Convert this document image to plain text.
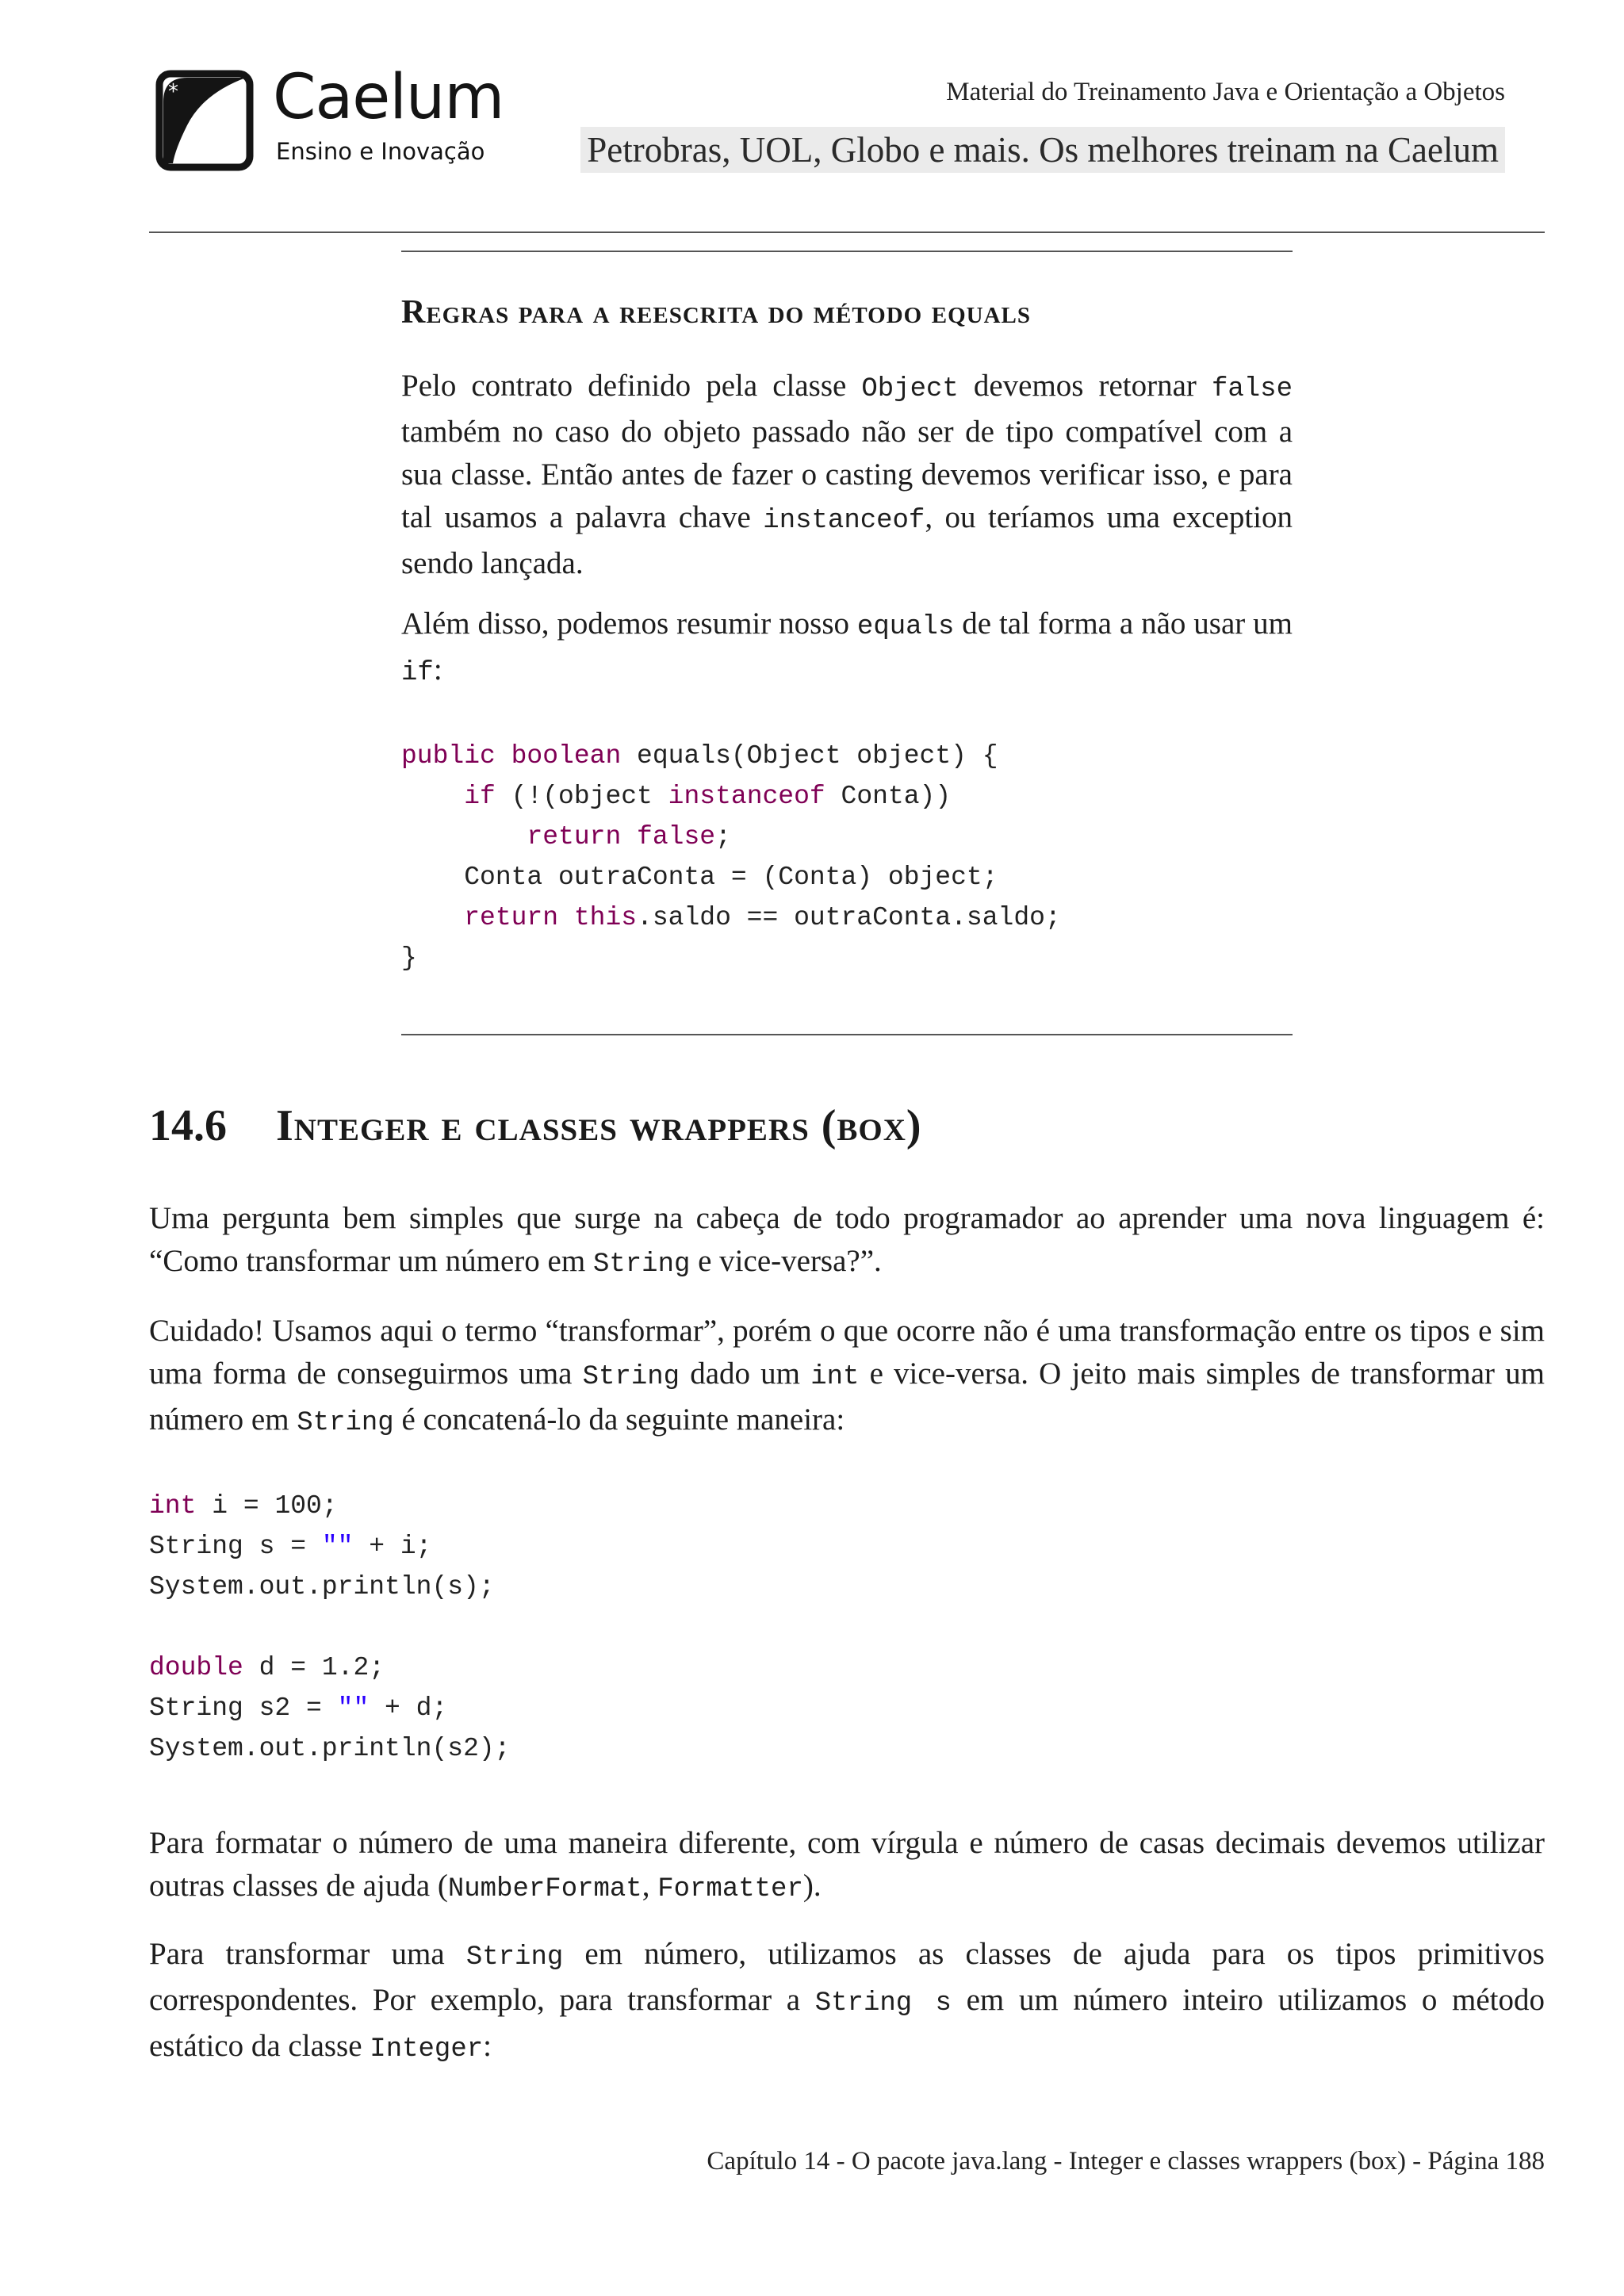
* Caelum
Ensino e Inovação
Material do Treinamento Java e Orientação a Objetos
Petrobras, UOL, Globo e mais. Os melhores treinam na Caelum
Regras para a reescrita do método equals
Pelo contrato definido pela classe Object devemos retornar false também no caso do objeto passado não ser de tipo compatível com a sua classe. Então antes de fazer o casting devemos verificar isso, e para tal usamos a palavra chave instanceof, ou teríamos uma exception sendo lançada.
Além disso, podemos resumir nosso equals de tal forma a não usar um if:
public boolean equals(Object object) {
if (!(object instanceof Conta))
return false;
Conta outraConta = (Conta) object;
return this.saldo == outraConta.saldo;
}
14.6 Integer e classes wrappers (box)
Uma pergunta bem simples que surge na cabeça de todo programador ao aprender uma nova linguagem é: “Como transformar um número em String e vice-versa?”.
Cuidado! Usamos aqui o termo “transformar”, porém o que ocorre não é uma transformação entre os tipos e sim uma forma de conseguirmos uma String dado um int e vice-versa. O jeito mais simples de transformar um número em String é concatená-lo da seguinte maneira:
int i = 100;
String s = "" + i;
System.out.println(s);
double d = 1.2;
String s2 = "" + d;
System.out.println(s2);
Para formatar o número de uma maneira diferente, com vírgula e número de casas decimais devemos utilizar outras classes de ajuda (NumberFormat, Formatter).
Para transformar uma String em número, utilizamos as classes de ajuda para os tipos primitivos correspondentes. Por exemplo, para transformar a String s em um número inteiro utilizamos o método estático da classe Integer:
Capítulo 14 - O pacote java.lang - Integer e classes wrappers (box) - Página 188
